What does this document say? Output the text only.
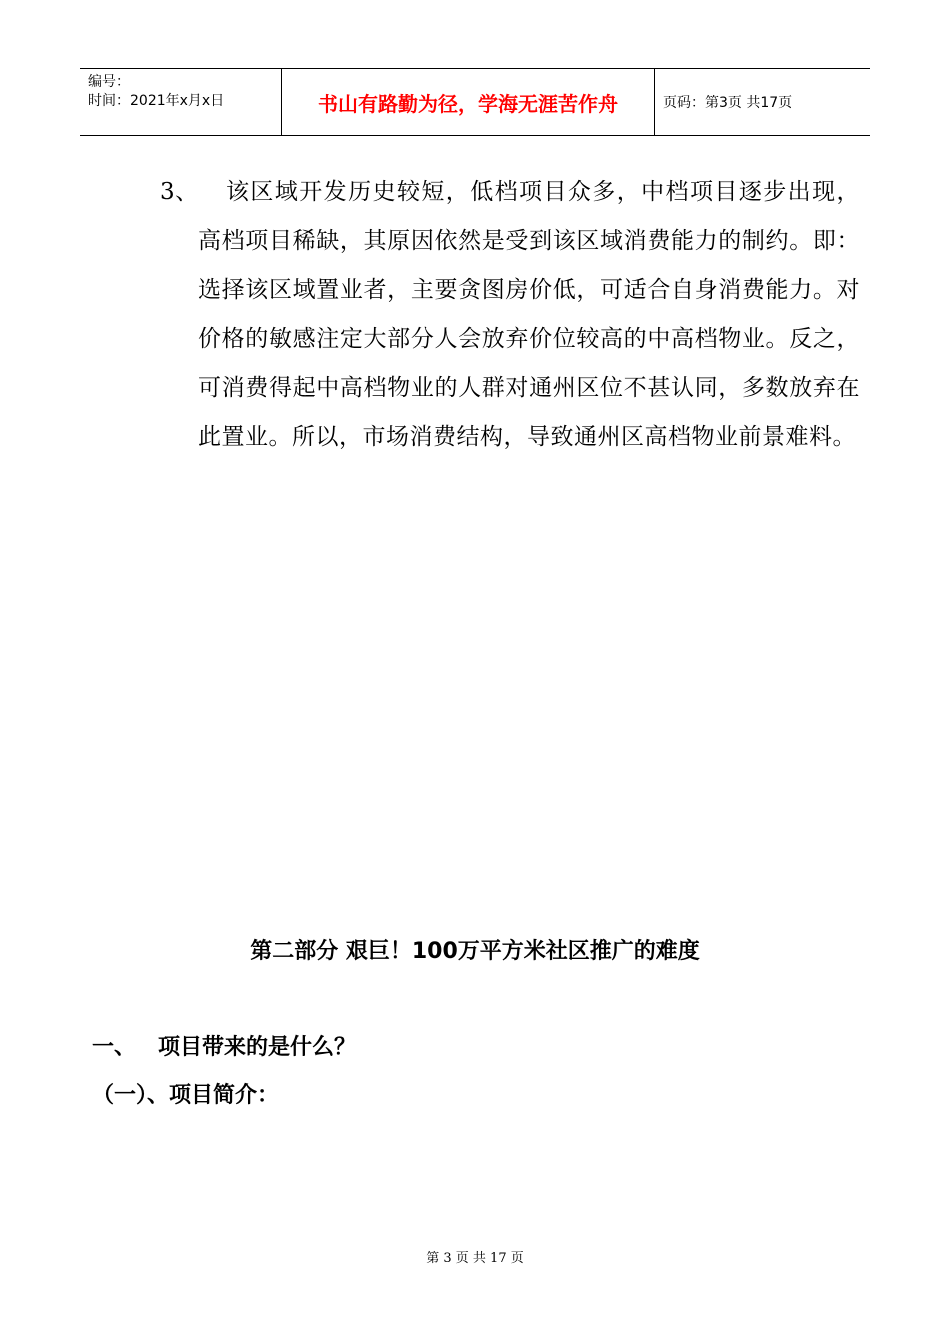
编号：
时间：2021年x月x日	书山有路勤为径，学海无涯苦作舟	页码：第3页 共17页
3、	该区域开发历史较短，低档项目众多，中档项目逐步出现，高档项目稀缺，其原因依然是受到该区域消费能力的制约。即：选择该区域置业者，主要贪图房价低，可适合自身消费能力。对价格的敏感注定大部分人会放弃价位较高的中高档物业。反之，可消费得起中高档物业的人群对通州区位不甚认同，多数放弃在此置业。所以，市场消费结构，导致通州区高档物业前景难料。
第二部分 艰巨！100万平方米社区推广的难度
一、 项目带来的是什么？
（一）、项目简介：
第 3 页 共 17 页
